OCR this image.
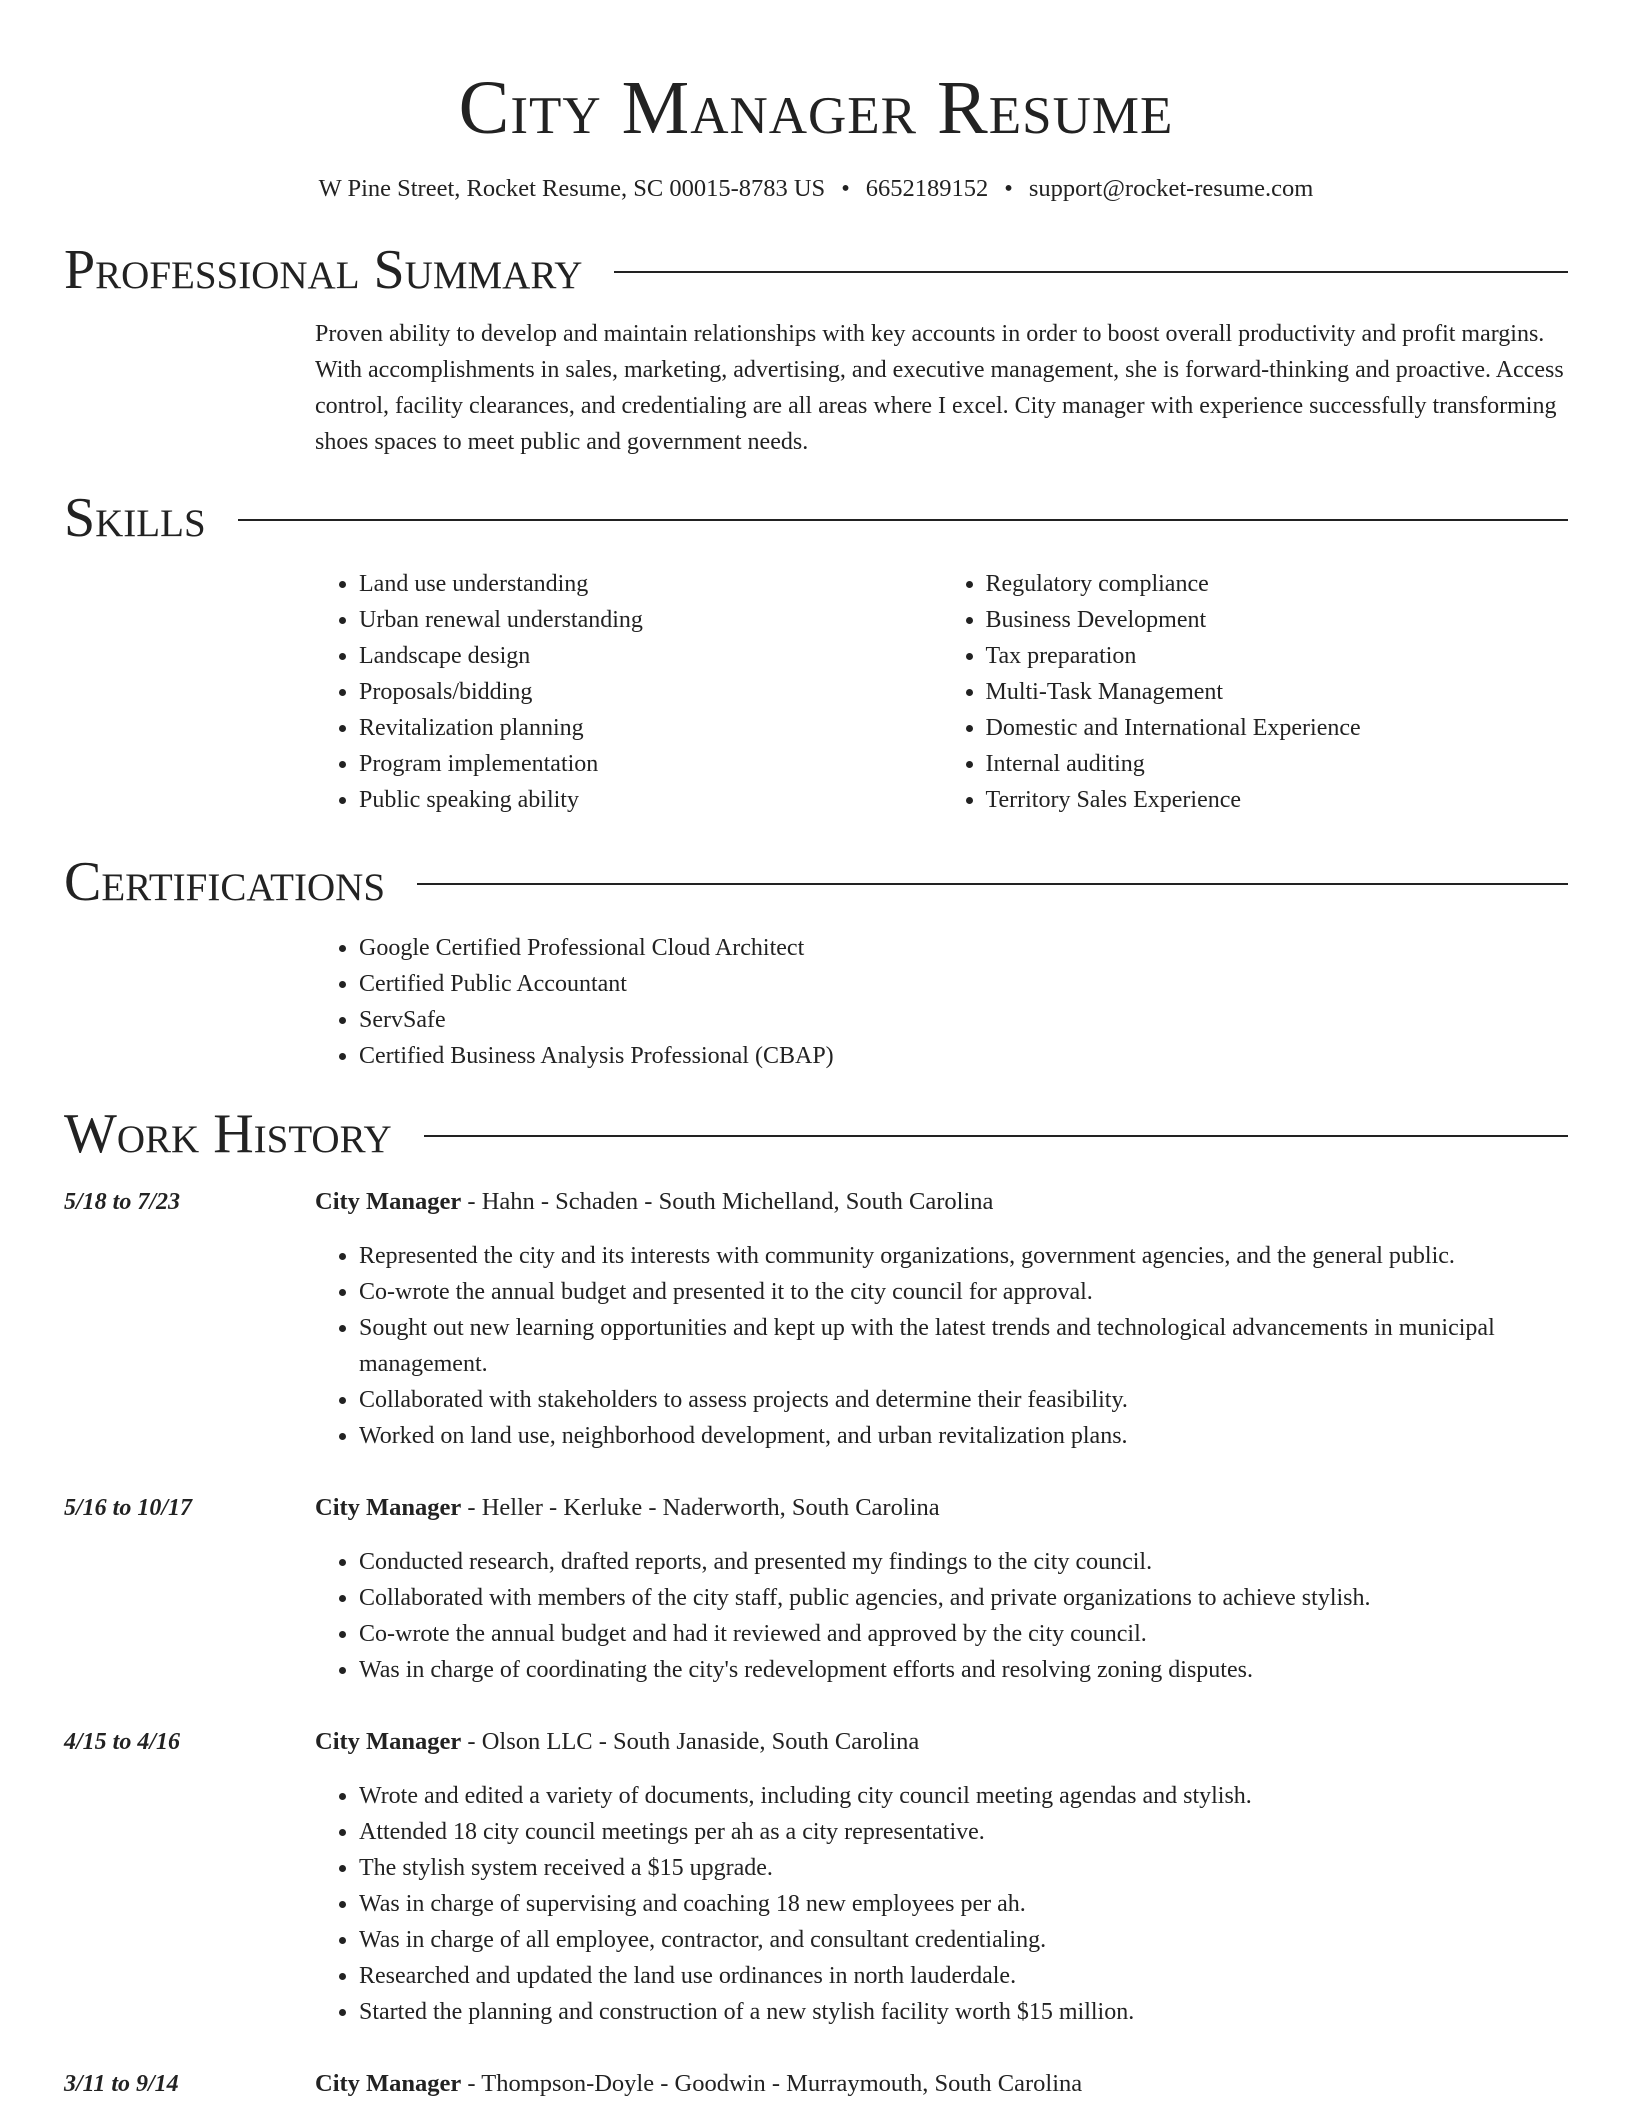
City Manager Resume
W Pine Street, Rocket Resume, SC 00015-8783 US • 6652189152 • support@rocket-resume.com
Professional Summary

Proven ability to develop and maintain relationships with key accounts in order to boost overall productivity and profit margins. With accomplishments in sales, marketing, advertising, and executive management, she is forward-thinking and proactive. Access control, facility clearances, and credentialing are all areas where I excel. City manager with experience successfully transforming shoes spaces to meet public and government needs.

Skills
• Land use understanding
• Urban renewal understanding
• Landscape design
• Proposals/bidding
• Revitalization planning
• Program implementation
• Public speaking ability
• Regulatory compliance
• Business Development
• Tax preparation
• Multi-Task Management
• Domestic and International Experience
• Internal auditing
• Territory Sales Experience
Certifications
• Google Certified Professional Cloud Architect
• Certified Public Accountant
• ServSafe
• Certified Business Analysis Professional (CBAP)
Work History
5/18 to 7/23	City Manager - Hahn - Schaden - South Michelland, South Carolina
• Represented the city and its interests with community organizations, government agencies, and the general public.
• Co-wrote the annual budget and presented it to the city council for approval.
• Sought out new learning opportunities and kept up with the latest trends and technological advancements in municipal management.
• Collaborated with stakeholders to assess projects and determine their feasibility.
• Worked on land use, neighborhood development, and urban revitalization plans.
5/16 to 10/17	City Manager - Heller - Kerluke - Naderworth, South Carolina
• Conducted research, drafted reports, and presented my findings to the city council.
• Collaborated with members of the city staff, public agencies, and private organizations to achieve stylish.
• Co-wrote the annual budget and had it reviewed and approved by the city council.
• Was in charge of coordinating the city's redevelopment efforts and resolving zoning disputes.
4/15 to 4/16	City Manager - Olson LLC - South Janaside, South Carolina
• Wrote and edited a variety of documents, including city council meeting agendas and stylish.
• Attended 18 city council meetings per ah as a city representative.
• The stylish system received a $15 upgrade.
• Was in charge of supervising and coaching 18 new employees per ah.
• Was in charge of all employee, contractor, and consultant credentialing.
• Researched and updated the land use ordinances in north lauderdale.
• Started the planning and construction of a new stylish facility worth $15 million.
3/11 to 9/14	City Manager - Thompson-Doyle - Goodwin - Murraymouth, South Carolina
